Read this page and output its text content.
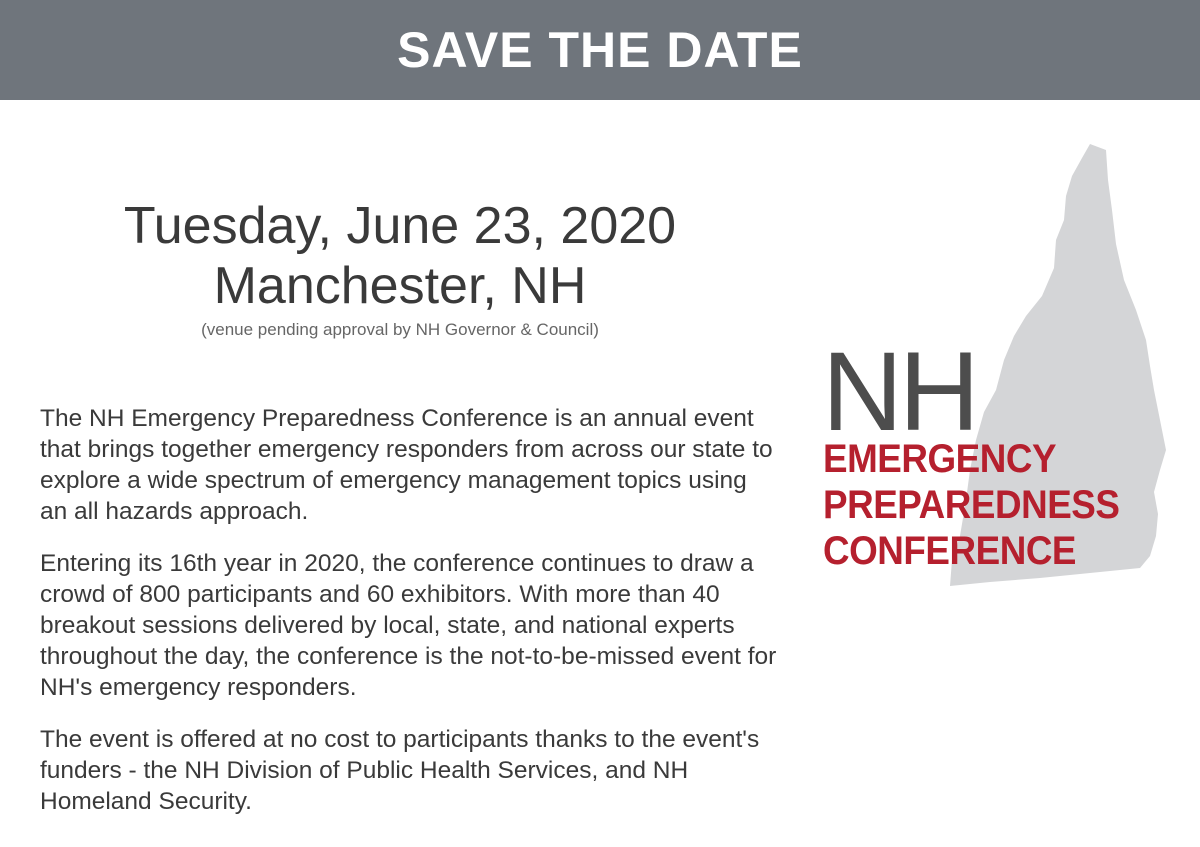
SAVE THE DATE
Tuesday, June 23, 2020
Manchester, NH
(venue pending approval by NH Governor & Council)

The NH Emergency Preparedness Conference is an annual event that brings together emergency responders from across our state to explore a wide spectrum of emergency management topics using an all hazards approach.

Entering its 16th year in 2020, the conference continues to draw a crowd of 800 participants and 60 exhibitors. With more than 40 breakout sessions delivered by local, state, and national experts throughout the day, the conference is the not-to-be-missed event for NH's emergency responders.

The event is offered at no cost to participants thanks to the event's funders - the NH Division of Public Health Services, and NH Homeland Security.

NH
EMERGENCY
PREPAREDNESS
CONFERENCE
